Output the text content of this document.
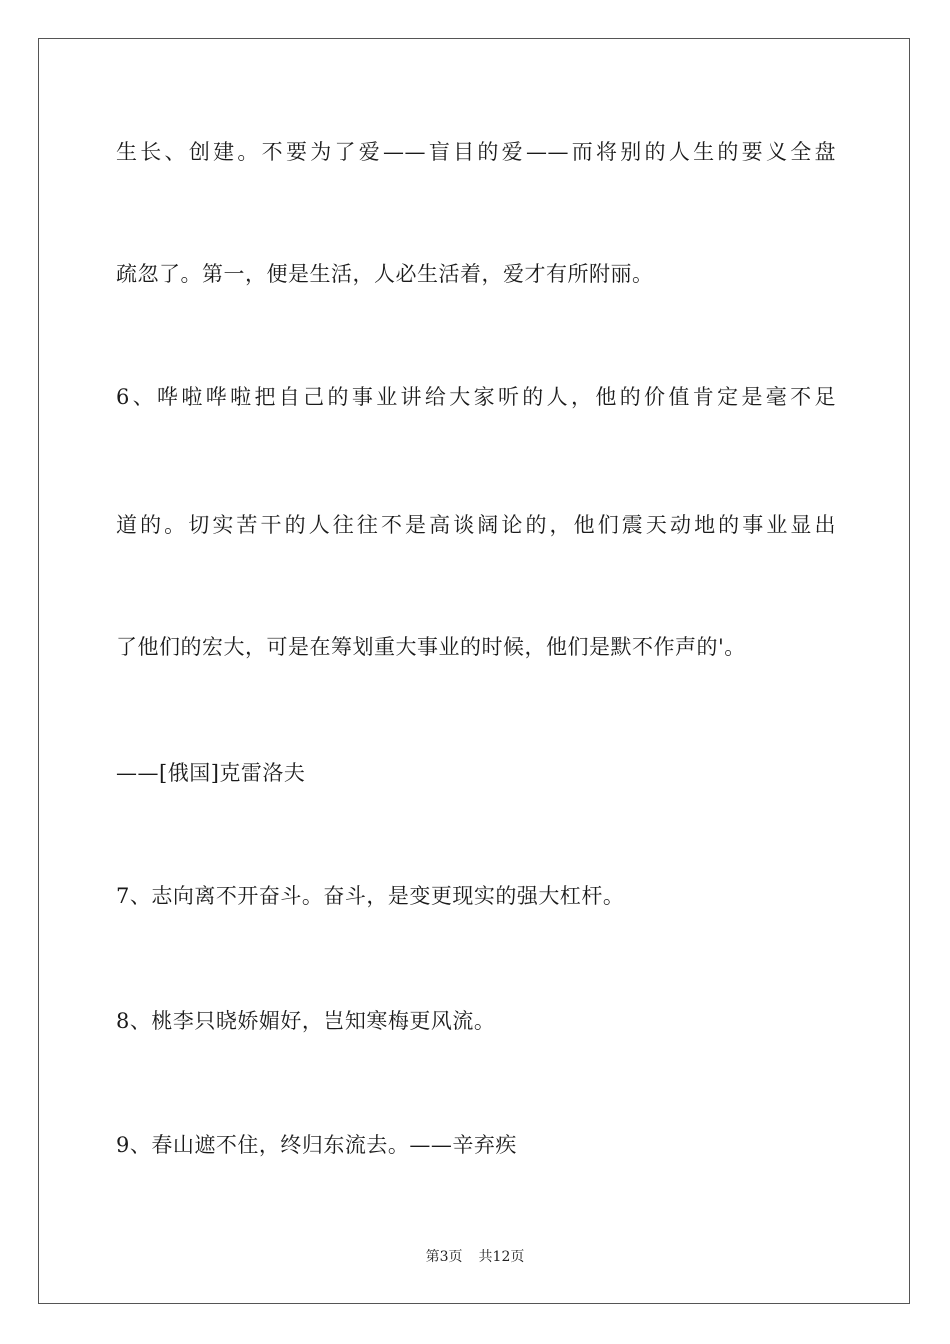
生长、创建。不要为了爱——盲目的爱——而将别的人生的要义全盘
疏忽了。第一，便是生活，人必生活着，爱才有所附丽。
6、哗啦哗啦把自己的事业讲给大家听的人，他的价值肯定是毫不足
道的。切实苦干的人往往不是高谈阔论的，他们震天动地的事业显出
了他们的宏大，可是在筹划重大事业的时候，他们是默不作声的'。
——[俄国]克雷洛夫
7、志向离不开奋斗。奋斗，是变更现实的强大杠杆。
8、桃李只晓娇媚好，岂知寒梅更风流。
9、春山遮不住，终归东流去。——辛弃疾
第3页 共12页
